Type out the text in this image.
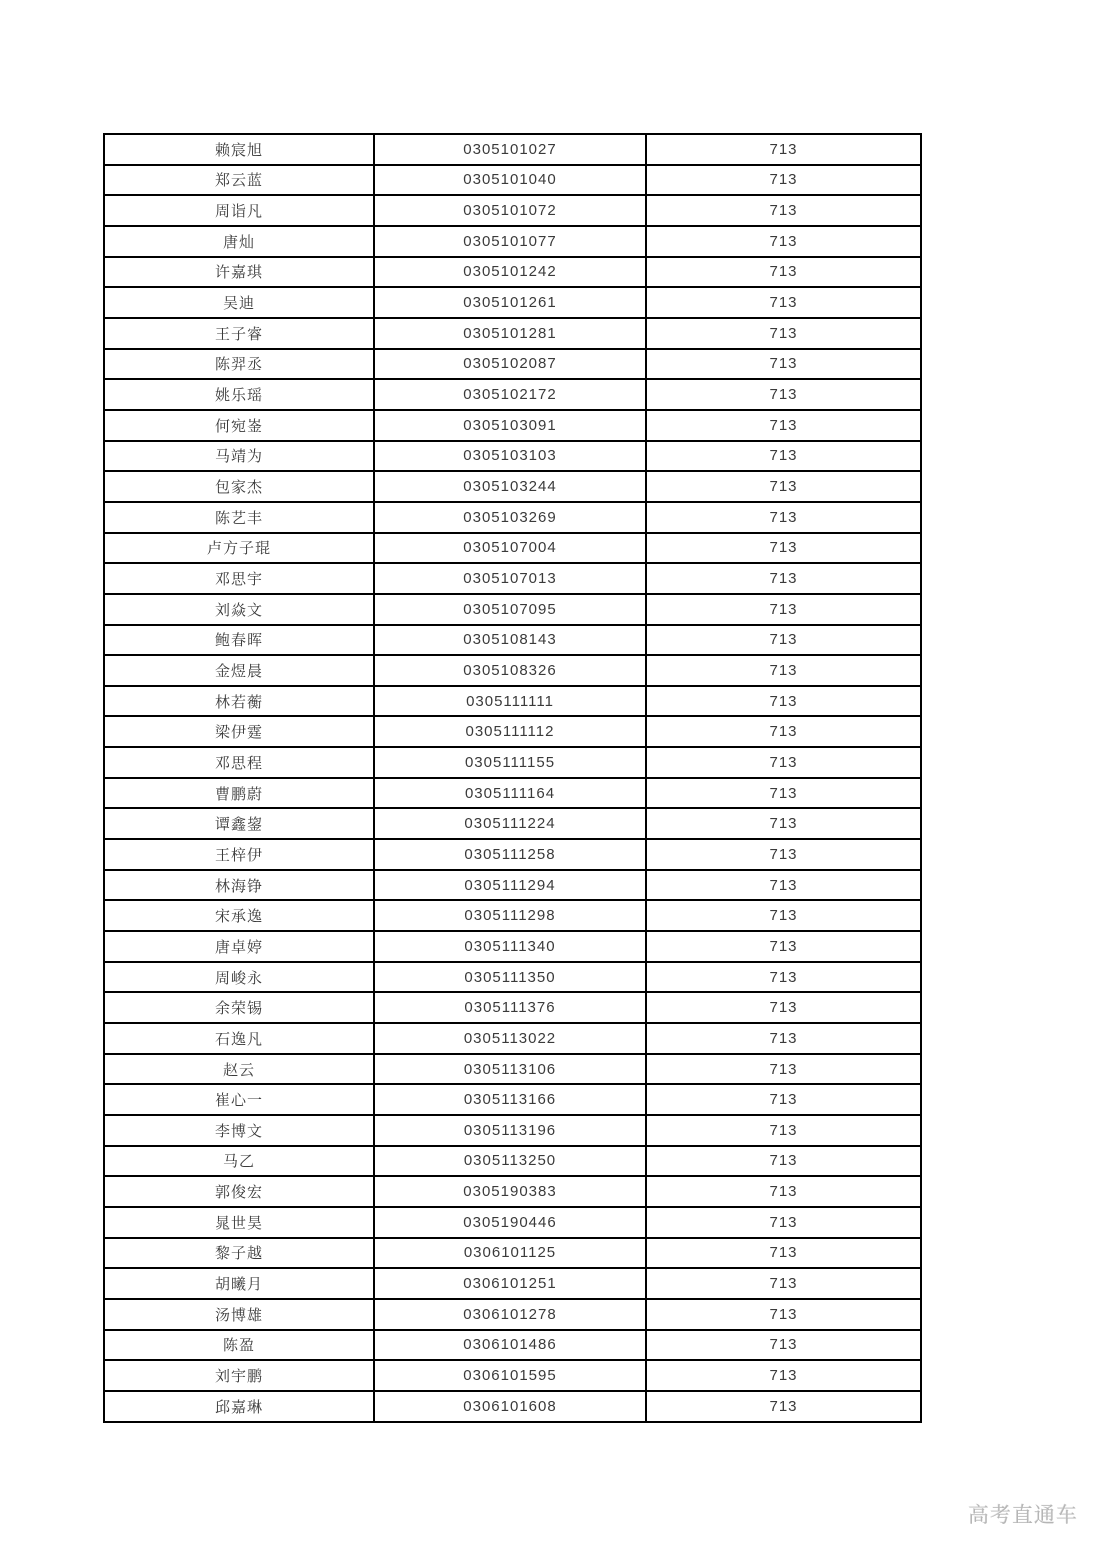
赖宸旭	0305101027	713
郑云蓝	0305101040	713
周诣凡	0305101072	713
唐灿	0305101077	713
许嘉琪	0305101242	713
吴迪	0305101261	713
王子睿	0305101281	713
陈羿丞	0305102087	713
姚乐瑶	0305102172	713
何宛崟	0305103091	713
马靖为	0305103103	713
包家杰	0305103244	713
陈艺丰	0305103269	713
卢方子琨	0305107004	713
邓思宇	0305107013	713
刘焱文	0305107095	713
鲍春晖	0305108143	713
金煜晨	0305108326	713
林若蘅	0305111111	713
梁伊霆	0305111112	713
邓思程	0305111155	713
曹鹏蔚	0305111164	713
谭鑫鋆	0305111224	713
王梓伊	0305111258	713
林海铮	0305111294	713
宋承逸	0305111298	713
唐卓婷	0305111340	713
周峻永	0305111350	713
余荣锡	0305111376	713
石逸凡	0305113022	713
赵云	0305113106	713
崔心一	0305113166	713
李博文	0305113196	713
马乙	0305113250	713
郭俊宏	0305190383	713
晁世昊	0305190446	713
黎子越	0306101125	713
胡曦月	0306101251	713
汤博雄	0306101278	713
陈盈	0306101486	713
刘宇鹏	0306101595	713
邱嘉琳	0306101608	713
高考直通车
